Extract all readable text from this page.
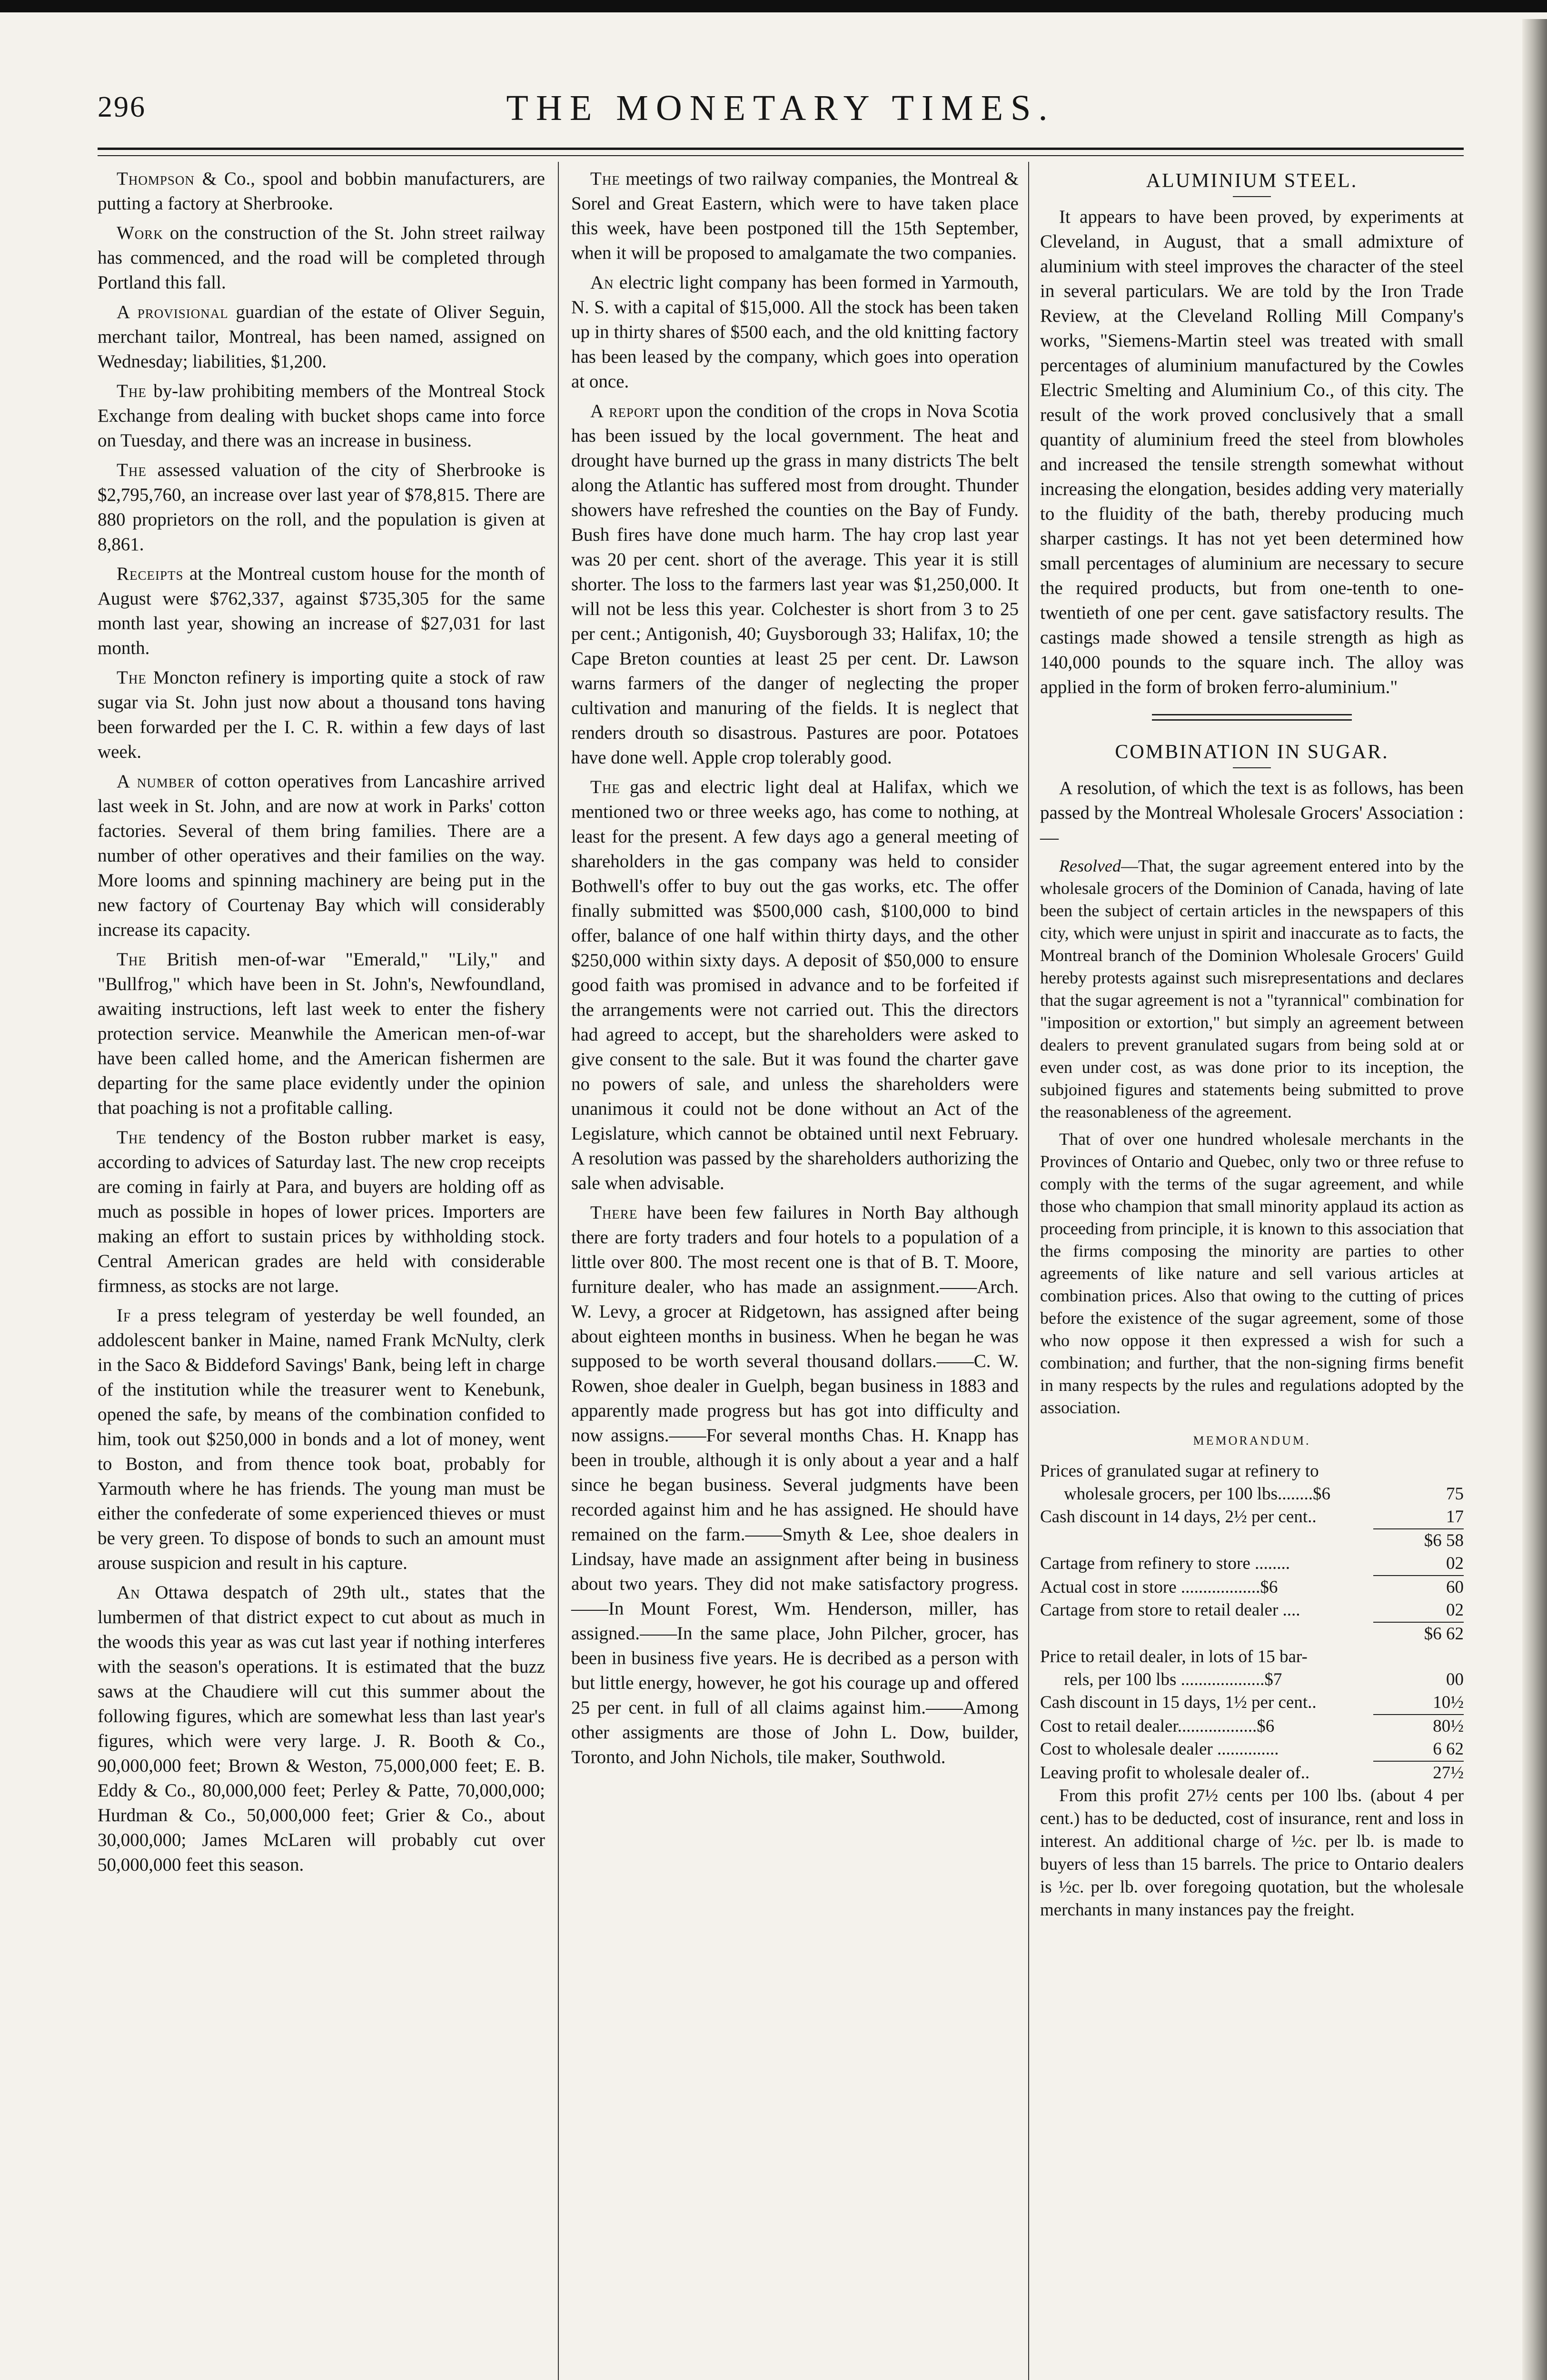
296	THE MONETARY TIMES.

Thompson & Co., spool and bobbin manufacturers, are putting a factory at Sherbrooke.

Work on the construction of the St. John street railway has commenced, and the road will be completed through Portland this fall.

A provisional guardian of the estate of Oliver Seguin, merchant tailor, Montreal, has been named, assigned on Wednesday; liabilities, $1,200.

The by-law prohibiting members of the Montreal Stock Exchange from dealing with bucket shops came into force on Tuesday, and there was an increase in business.

The assessed valuation of the city of Sherbrooke is $2,795,760, an increase over last year of $78,815. There are 880 proprietors on the roll, and the population is given at 8,861.

Receipts at the Montreal custom house for the month of August were $762,337, against $735,305 for the same month last year, showing an increase of $27,031 for last month.

The Moncton refinery is importing quite a stock of raw sugar via St. John just now about a thousand tons having been forwarded per the I. C. R. within a few days of last week.

A number of cotton operatives from Lancashire arrived last week in St. John, and are now at work in Parks' cotton factories. Several of them bring families. There are a number of other operatives and their families on the way. More looms and spinning machinery are being put in the new factory of Courtenay Bay which will considerably increase its capacity.

The British men-of-war "Emerald," "Lily," and "Bullfrog," which have been in St. John's, Newfoundland, awaiting instructions, left last week to enter the fishery protection service. Meanwhile the American men-of-war have been called home, and the American fishermen are departing for the same place evidently under the opinion that poaching is not a profitable calling.

The tendency of the Boston rubber market is easy, according to advices of Saturday last. The new crop receipts are coming in fairly at Para, and buyers are holding off as much as possible in hopes of lower prices. Importers are making an effort to sustain prices by withholding stock. Central American grades are held with considerable firmness, as stocks are not large.

If a press telegram of yesterday be well founded, an addolescent banker in Maine, named Frank McNulty, clerk in the Saco & Biddeford Savings' Bank, being left in charge of the institution while the treasurer went to Kenebunk, opened the safe, by means of the combination confided to him, took out $250,000 in bonds and a lot of money, went to Boston, and from thence took boat, probably for Yarmouth where he has friends. The young man must be either the confederate of some experienced thieves or must be very green. To dispose of bonds to such an amount must arouse suspicion and result in his capture.

An Ottawa despatch of 29th ult., states that the lumbermen of that district expect to cut about as much in the woods this year as was cut last year if nothing interferes with the season's operations. It is estimated that the buzz saws at the Chaudiere will cut this summer about the following figures, which are somewhat less than last year's figures, which were very large. J. R. Booth & Co., 90,000,000 feet; Brown & Weston, 75,000,000 feet; E. B. Eddy & Co., 80,000,000 feet; Perley & Patte, 70,000,000; Hurdman & Co., 50,000,000 feet; Grier & Co., about 30,000,000; James McLaren will probably cut over 50,000,000 feet this season.

The meetings of two railway companies, the Montreal & Sorel and Great Eastern, which were to have taken place this week, have been postponed till the 15th September, when it will be proposed to amalgamate the two companies.

An electric light company has been formed in Yarmouth, N. S. with a capital of $15,000. All the stock has been taken up in thirty shares of $500 each, and the old knitting factory has been leased by the company, which goes into operation at once.

A report upon the condition of the crops in Nova Scotia has been issued by the local government. The heat and drought have burned up the grass in many districts The belt along the Atlantic has suffered most from drought. Thunder showers have refreshed the counties on the Bay of Fundy. Bush fires have done much harm. The hay crop last year was 20 per cent. short of the average. This year it is still shorter. The loss to the farmers last year was $1,250,000. It will not be less this year. Colchester is short from 3 to 25 per cent.; Antigonish, 40; Guysborough 33; Halifax, 10; the Cape Breton counties at least 25 per cent. Dr. Lawson warns farmers of the danger of neglecting the proper cultivation and manuring of the fields. It is neglect that renders drouth so disastrous. Pastures are poor. Potatoes have done well. Apple crop tolerably good.

The gas and electric light deal at Halifax, which we mentioned two or three weeks ago, has come to nothing, at least for the present. A few days ago a general meeting of shareholders in the gas company was held to consider Bothwell's offer to buy out the gas works, etc. The offer finally submitted was $500,000 cash, $100,000 to bind offer, balance of one half within thirty days, and the other $250,000 within sixty days. A deposit of $50,000 to ensure good faith was promised in advance and to be forfeited if the arrangements were not carried out. This the directors had agreed to accept, but the shareholders were asked to give consent to the sale. But it was found the charter gave no powers of sale, and unless the shareholders were unanimous it could not be done without an Act of the Legislature, which cannot be obtained until next February. A resolution was passed by the shareholders authorizing the sale when advisable.

There have been few failures in North Bay although there are forty traders and four hotels to a population of a little over 800. The most recent one is that of B. T. Moore, furniture dealer, who has made an assignment.——Arch. W. Levy, a grocer at Ridgetown, has assigned after being about eighteen months in business. When he began he was supposed to be worth several thousand dollars.——C. W. Rowen, shoe dealer in Guelph, began business in 1883 and apparently made progress but has got into difficulty and now assigns.——For several months Chas. H. Knapp has been in trouble, although it is only about a year and a half since he began business. Several judgments have been recorded against him and he has assigned. He should have remained on the farm.——Smyth & Lee, shoe dealers in Lindsay, have made an assignment after being in business about two years. They did not make satisfactory progress.——In Mount Forest, Wm. Henderson, miller, has assigned.——In the same place, John Pilcher, grocer, has been in business five years. He is decribed as a person with but little energy, however, he got his courage up and offered 25 per cent. in full of all claims against him.——Among other assigments are those of John L. Dow, builder, Toronto, and John Nichols, tile maker, Southwold.

ALUMINIUM STEEL.

It appears to have been proved, by experiments at Cleveland, in August, that a small admixture of aluminium with steel improves the character of the steel in several particulars. We are told by the Iron Trade Review, at the Cleveland Rolling Mill Company's works, "Siemens-Martin steel was treated with small percentages of aluminium manufactured by the Cowles Electric Smelting and Aluminium Co., of this city. The result of the work proved conclusively that a small quantity of aluminium freed the steel from blowholes and increased the tensile strength somewhat without increasing the elongation, besides adding very materially to the fluidity of the bath, thereby producing much sharper castings. It has not yet been determined how small percentages of aluminium are necessary to secure the required products, but from one-tenth to one-twentieth of one per cent. gave satisfactory results. The castings made showed a tensile strength as high as 140,000 pounds to the square inch. The alloy was applied in the form of broken ferro-aluminium."

COMBINATION IN SUGAR.

A resolution, of which the text is as follows, has been passed by the Montreal Wholesale Grocers' Association :—

Resolved—That, the sugar agreement entered into by the wholesale grocers of the Dominion of Canada, having of late been the subject of certain articles in the newspapers of this city, which were unjust in spirit and inaccurate as to facts, the Montreal branch of the Dominion Wholesale Grocers' Guild hereby protests against such misrepresentations and declares that the sugar agreement is not a "tyrannical" combination for "imposition or extortion," but simply an agreement between dealers to prevent granulated sugars from being sold at or even under cost, as was done prior to its inception, the subjoined figures and statements being submitted to prove the reasonableness of the agreement.

That of over one hundred wholesale merchants in the Provinces of Ontario and Quebec, only two or three refuse to comply with the terms of the sugar agreement, and while those who champion that small minority applaud its action as proceeding from principle, it is known to this association that the firms composing the minority are parties to other agreements of like nature and sell various articles at combination prices. Also that owing to the cutting of prices before the existence of the sugar agreement, some of those who now oppose it then expressed a wish for such a combination; and further, that the non-signing firms benefit in many respects by the rules and regulations adopted by the association.

MEMORANDUM.
Prices of granulated sugar at refinery to
wholesale grocers, per 100 lbs........$6	75
Cash discount in 14 days, 2½ per cent..	17
$6 58
Cartage from refinery to store ........	02
Actual cost in store ..................$6	60
Cartage from store to retail dealer ....	02
$6 62
Price to retail dealer, in lots of 15 bar-
rels, per 100 lbs ...................$7	00
Cash discount in 15 days, 1½ per cent..	10½
Cost to retail dealer..................$6	80½
Cost to wholesale dealer ..............	6 62
Leaving profit to wholesale dealer of..	27½

From this profit 27½ cents per 100 lbs. (about 4 per cent.) has to be deducted, cost of insurance, rent and loss in interest. An additional charge of ½c. per lb. is made to buyers of less than 15 barrels. The price to Ontario dealers is ½c. per lb. over foregoing quotation, but the wholesale merchants in many instances pay the freight.
